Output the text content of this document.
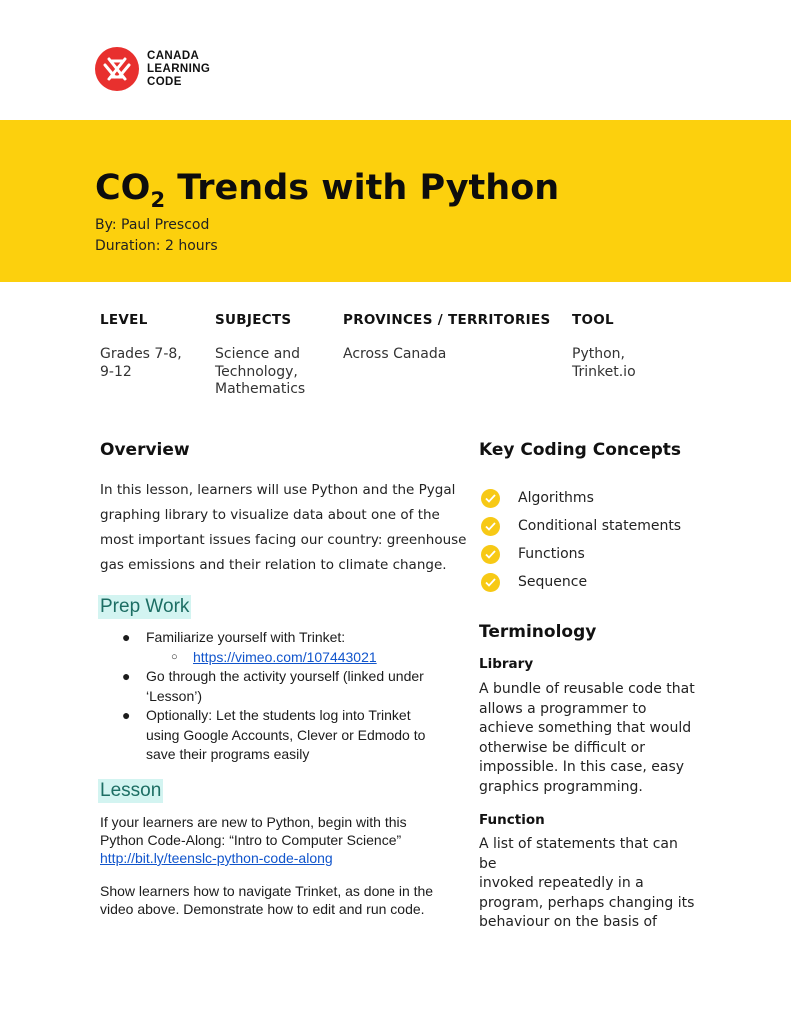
CANADA
LEARNING
CODE
$CO_2$ Trends with Python
By: Paul Prescod
Duration: 2 hours
LEVEL
Grades 7-8,
9-12
SUBJECTS
Science and
Technology,
Mathematics
PROVINCES / TERRITORIES
Across Canada
TOOL
Python,
Trinket.io
Overview
In this lesson, learners will use Python and the Pygal
graphing library to visualize data about one of the
most important issues facing our country: greenhouse
gas emissions and their relation to climate change.
Prep Work
● Familiarize yourself with Trinket:
○ https://vimeo.com/107443021
● Go through the activity yourself (linked under
‘Lesson’)
● Optionally: Let the students log into Trinket
using Google Accounts, Clever or Edmodo to
save their programs easily
Lesson
If your learners are new to Python, begin with this
Python Code-Along: “Intro to Computer Science”
http://bit.ly/teenslc-python-code-along
Show learners how to navigate Trinket, as done in the
video above. Demonstrate how to edit and run code.
Key Coding Concepts
Algorithms
Conditional statements
Functions
Sequence
Terminology
Library
A bundle of reusable code that
allows a programmer to
achieve something that would
otherwise be difficult or
impossible. In this case, easy
graphics programming.
Function
A list of statements that can be
invoked repeatedly in a
program, perhaps changing its
behaviour on the basis of
